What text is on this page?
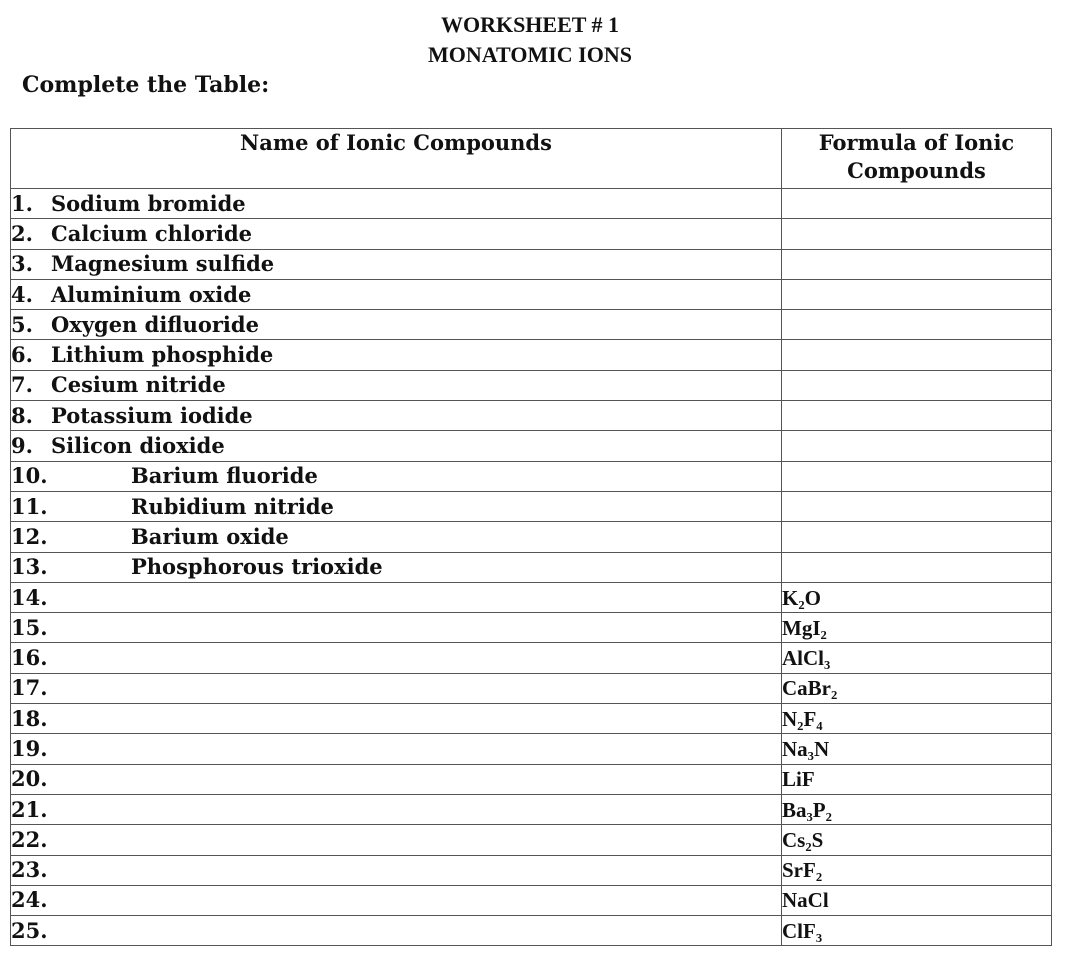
WORKSHEET # 1
MONATOMIC IONS
Complete the Table:
Name of Ionic Compounds	Formula of Ionic Compounds
1. Sodium bromide	
2. Calcium chloride	
3. Magnesium sulfide	
4. Aluminium oxide	
5. Oxygen difluoride	
6. Lithium phosphide	
7. Cesium nitride	
8. Potassium iodide	
9. Silicon dioxide	
10. Barium fluoride	
11. Rubidium nitride	
12. Barium oxide	
13. Phosphorous trioxide	
14.	K₂O
15.	MgI₂
16.	AlCl₃
17.	CaBr₂
18.	N₂F₄
19.	Na₃N
20.	LiF
21.	Ba₃P₂
22.	Cs₂S
23.	SrF₂
24.	NaCl
25.	ClF₃
